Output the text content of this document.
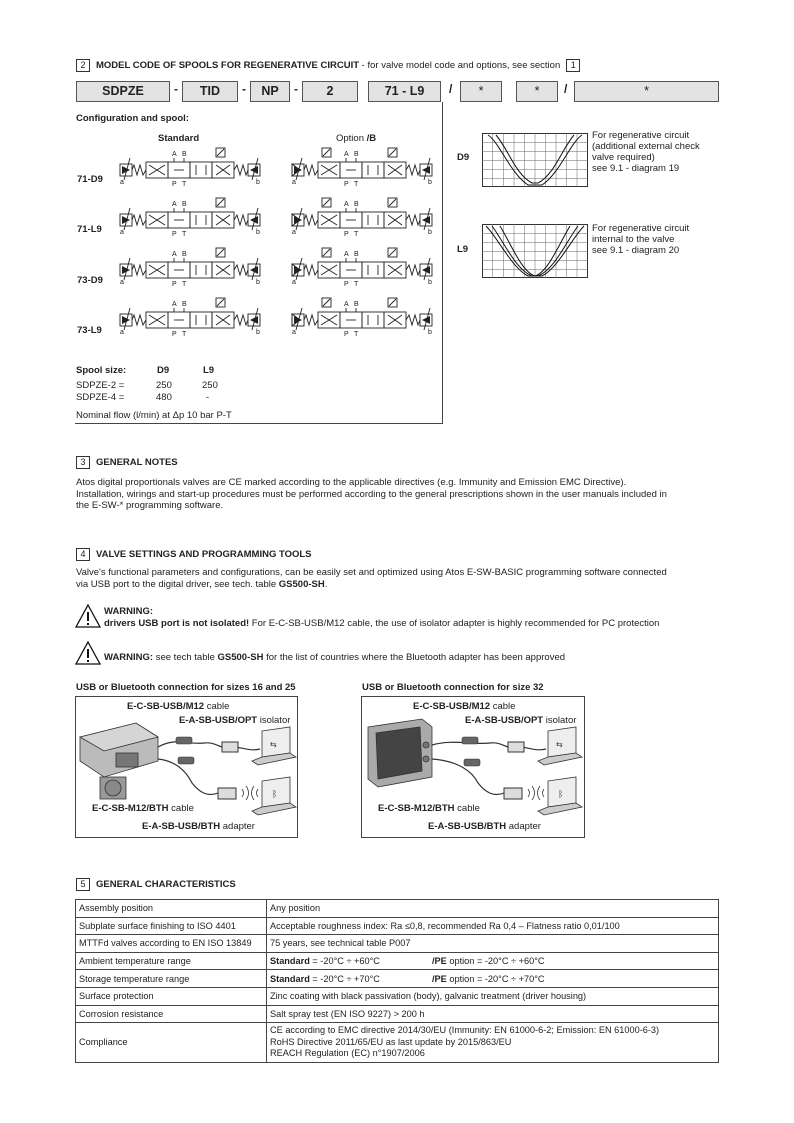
2	MODEL CODE OF SPOOLS FOR REGENERATIVE CIRCUIT - for valve model code and options, see section	1
SDPZE	-	TID	-	NP	-	2	71 - L9	/	*	*	/	*
Configuration and spool:
Standard	Option /B
71-D9
71-L9
73-D9
73-L9
A B
P T
a	b
A B
P T
a	b
A B
P T
a	b
A B
P T
a	b
A B
P T
a	b
A B
P T
a	b
A B
P T
a	b
A B
P T
a	b
Spool size:	D9	L9
SDPZE-2 =	250	250
SDPZE-4 =	480	-
Nominal flow (l/min) at Δp 10 bar P-T
D9
For regenerative circuit
(additional external check
valve required)
see 9.1 - diagram 19
L9
For regenerative circuit
internal to the valve
see 9.1 - diagram 20
3	GENERAL NOTES
Atos digital proportionals valves are CE marked according to the applicable directives (e.g. Immunity and Emission EMC Directive).
Installation, wirings and start-up procedures must be performed according to the general prescriptions shown in the user manuals included in
the E-SW-* programming software.
4	VALVE SETTINGS AND PROGRAMMING TOOLS
Valve's functional parameters and configurations, can be easily set and optimized using Atos E-SW-BASIC programming software connected
via USB port to the digital driver, see tech. table GS500-SH.
WARNING:
drivers USB port is not isolated! For E-C-SB-USB/M12 cable, the use of isolator adapter is highly recommended for PC protection
WARNING: see tech table GS500-SH for the list of countries where the Bluetooth adapter has been approved
USB or Bluetooth connection for sizes 16 and 25	USB or Bluetooth connection for size 32
E-C-SB-USB/M12 cable
E-A-SB-USB/OPT isolator
E-C-SB-M12/BTH cable
E-A-SB-USB/BTH adapter
⇆
ᛒ
E-C-SB-USB/M12 cable
E-A-SB-USB/OPT isolator
E-C-SB-M12/BTH cable
E-A-SB-USB/BTH adapter
⇆
ᛒ
5	GENERAL CHARACTERISTICS
Assembly position	Any position
Subplate surface finishing to ISO 4401	Acceptable roughness index: Ra ≤0,8, recommended Ra 0,4 – Flatness ratio 0,01/100
MTTFd valves according to EN ISO 13849	75 years, see technical table P007
Ambient temperature range	Standard = -20°C ÷ +60°C /PE option = -20°C ÷ +60°C
Storage temperature range	Standard = -20°C ÷ +70°C /PE option = -20°C ÷ +70°C
Surface protection	Zinc coating with black passivation (body), galvanic treatment (driver housing)
Corrosion resistance	Salt spray test (EN ISO 9227) > 200 h
Compliance	CE according to EMC directive 2014/30/EU (Immunity: EN 61000-6-2; Emission: EN 61000-6-3)
RoHS Directive 2011/65/EU as last update by 2015/863/EU
REACH Regulation (EC) n°1907/2006
